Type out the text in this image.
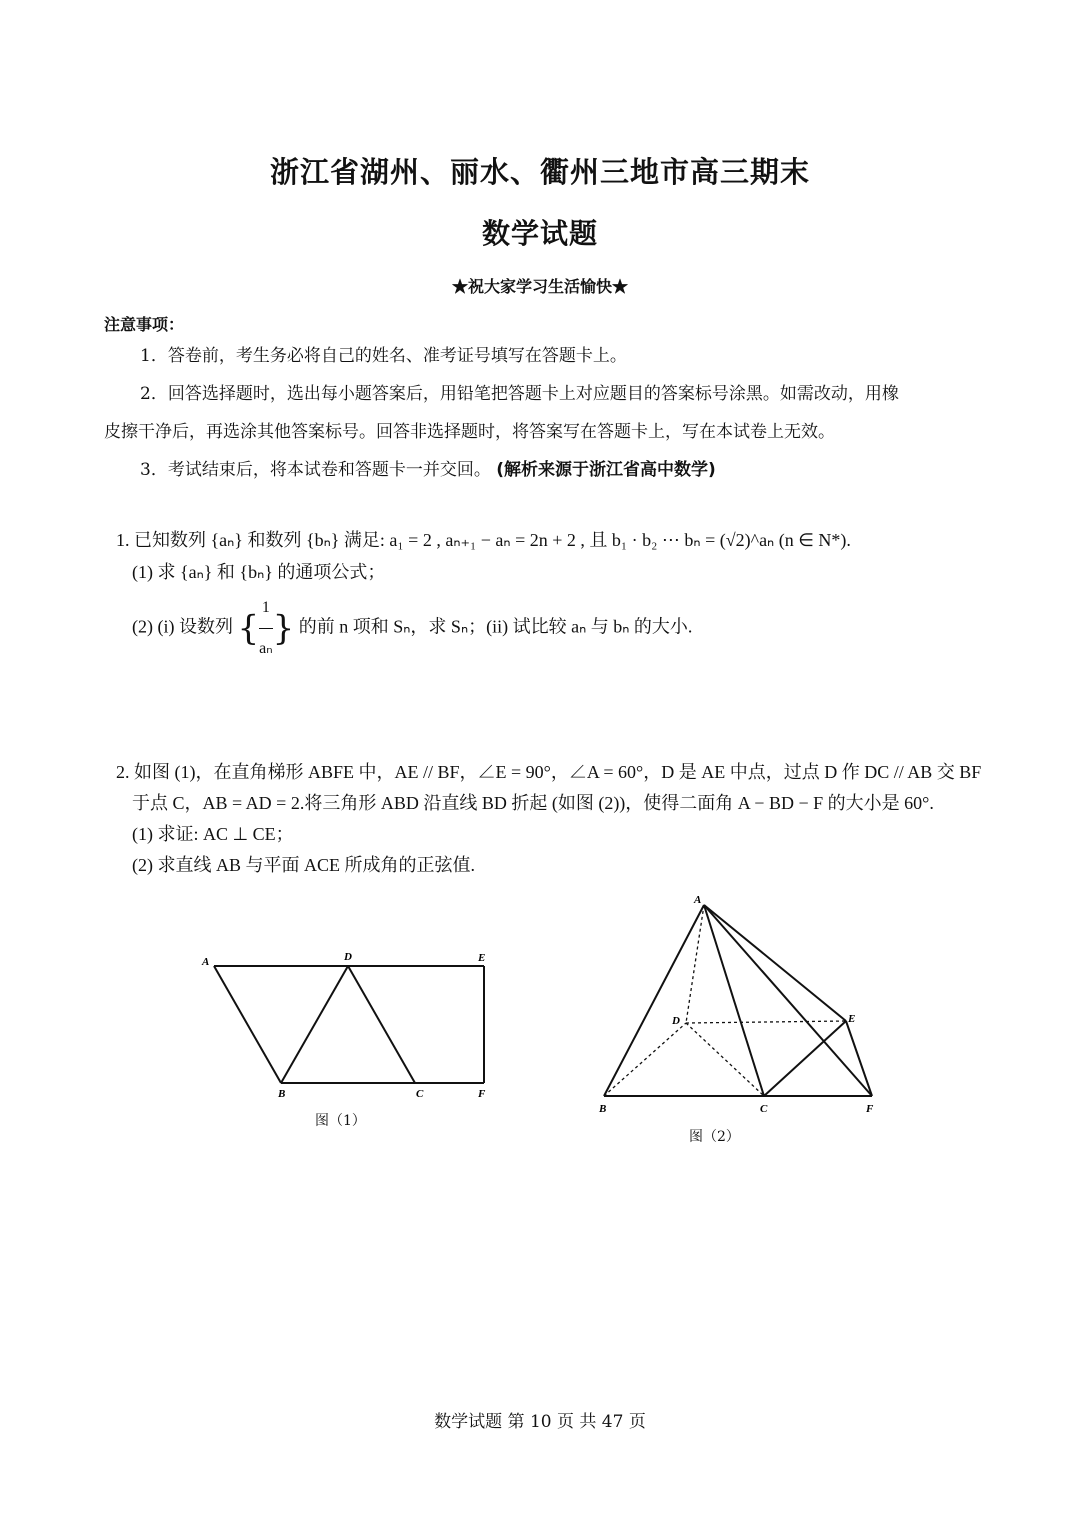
浙江省湖州、丽水、衢州三地市高三期末
数学试题
★祝大家学习生活愉快★
注意事项：
1．答卷前，考生务必将自己的姓名、准考证号填写在答题卡上。
2．回答选择题时，选出每小题答案后，用铅笔把答题卡上对应题目的答案标号涂黑。如需改动，用橡
皮擦干净后，再选涂其他答案标号。回答非选择题时，将答案写在答题卡上，写在本试卷上无效。
3．考试结束后，将本试卷和答题卡一并交回。 (解析来源于浙江省高中数学)
1. 已知数列 {aₙ} 和数列 {bₙ} 满足: a₁ = 2 , aₙ₊₁ − aₙ = 2n + 2 , 且 b₁ · b₂ ⋯ bₙ = (√2)^aₙ (n ∈ N*).
(1) 求 {aₙ} 和 {bₙ} 的通项公式；
(2) (i) 设数列 { $\frac{1}{\text{aₙ}}$ } 的前 n 项和 Sₙ，求 Sₙ；(ii) 试比较 aₙ 与 bₙ 的大小.
2. 如图 (1)，在直角梯形 ABFE 中，AE // BF，∠E = 90°，∠A = 60°，D 是 AE 中点，过点 D 作 DC // AB 交 BF
于点 C，AB = AD = 2.将三角形 ABD 沿直线 BD 折起 (如图 (2))，使得二面角 A − BD − F 的大小是 60°.
(1) 求证: AC ⊥ CE；
(2) 求直线 AB 与平面 ACE 所成角的正弦值.
A	D	E
B	C	F
图（1）
A
D	E
B	C	F
图（2）
数学试题 第 10 页 共 47 页
